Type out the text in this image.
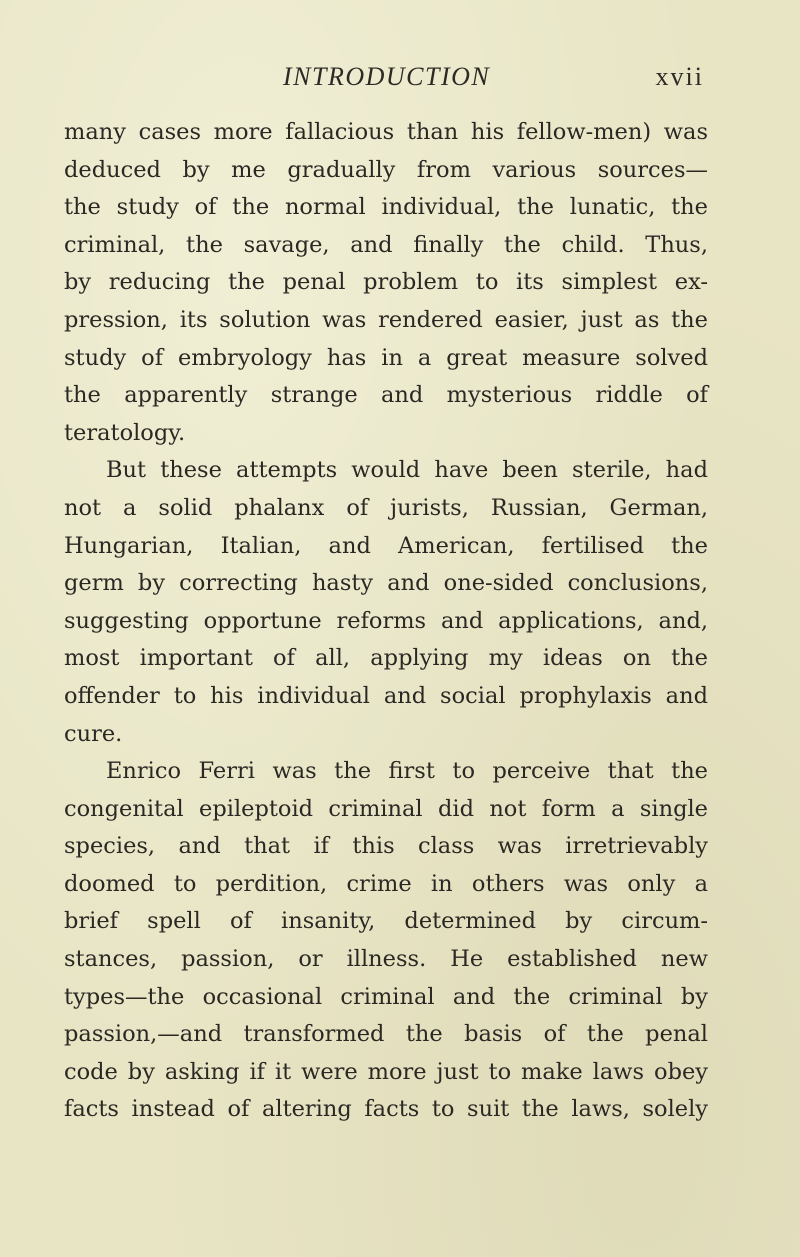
INTRODUCTION	xvii
many cases more fallacious than his fellow-men) was
deduced by me gradually from various sources—
the study of the normal individual, the lunatic, the
criminal, the savage, and finally the child. Thus,
by reducing the penal problem to its simplest ex-
pression, its solution was rendered easier, just as the
study of embryology has in a great measure solved
the apparently strange and mysterious riddle of
teratology.
But these attempts would have been sterile, had
not a solid phalanx of jurists, Russian, German,
Hungarian, Italian, and American, fertilised the
germ by correcting hasty and one-sided conclusions,
suggesting opportune reforms and applications, and,
most important of all, applying my ideas on the
offender to his individual and social prophylaxis and
cure.
Enrico Ferri was the first to perceive that the
congenital epileptoid criminal did not form a single
species, and that if this class was irretrievably
doomed to perdition, crime in others was only a
brief spell of insanity, determined by circum-
stances, passion, or illness. He established new
types—the occasional criminal and the criminal by
passion,—and transformed the basis of the penal
code by asking if it were more just to make laws obey
facts instead of altering facts to suit the laws, solely
